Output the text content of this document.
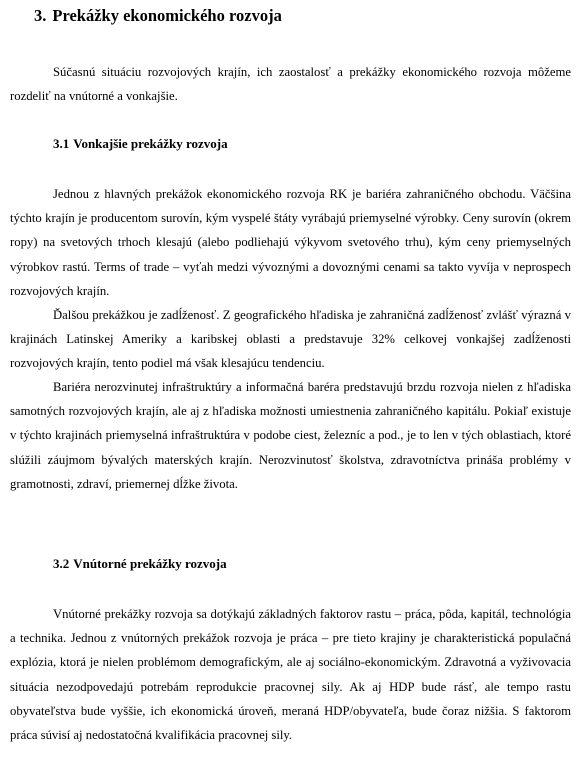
3. Prekážky ekonomického rozvoja

Súčasnú situáciu rozvojových krajín, ich zaostalosť a prekážky ekonomického rozvoja môžeme rozdeliť na vnútorné a vonkajšie.

3.1 Vonkajšie prekážky rozvoja

Jednou z hlavných prekážok ekonomického rozvoja RK je bariéra zahraničného obchodu. Väčšina týchto krajín je producentom surovín, kým vyspelé štáty vyrábajú priemyselné výrobky. Ceny surovín (okrem ropy) na svetových trhoch klesajú (alebo podliehajú výkyvom svetového trhu), kým ceny priemyselných výrobkov rastú. Terms of trade – vyťah medzi vývoznými a dovoznými cenami sa takto vyvíja v neprospech rozvojových krajín.

Ďalšou prekážkou je zadĺženosť. Z geografického hľadiska je zahraničná zadĺženosť zvlášť výrazná v krajinách Latinskej Ameriky a karibskej oblasti a predstavuje 32% celkovej vonkajšej zadĺženosti rozvojových krajín, tento podiel má však klesajúcu tendenciu.

Bariéra nerozvinutej infraštruktúry a informačná baréra predstavujú brzdu rozvoja nielen z hľadiska samotných rozvojových krajín, ale aj z hľadiska možnosti umiestnenia zahraničného kapitálu. Pokiaľ existuje v týchto krajinách priemyselná infraštruktúra v podobe ciest, železníc a pod., je to len v tých oblastiach, ktoré slúžili záujmom bývalých materských krajín. Nerozvinutosť školstva, zdravotníctva prináša problémy v gramotnosti, zdraví, priemernej dĺžke života.

3.2 Vnútorné prekážky rozvoja

Vnútorné prekážky rozvoja sa dotýkajú základných faktorov rastu – práca, pôda, kapitál, technológia a technika. Jednou z vnútorných prekážok rozvoja je práca – pre tieto krajiny je charakteristická populačná explózia, ktorá je nielen problémom demografickým, ale aj sociálno-ekonomickým. Zdravotná a vyživovacia situácia nezodpovedajú potrebám reprodukcie pracovnej sily. Ak aj HDP bude rásť, ale tempo rastu obyvateľstva bude vyššie, ich ekonomická úroveň, meraná HDP/obyvateľa, bude čoraz nižšia. S faktorom práca súvisí aj nedostatočná kvalifikácia pracovnej sily.
